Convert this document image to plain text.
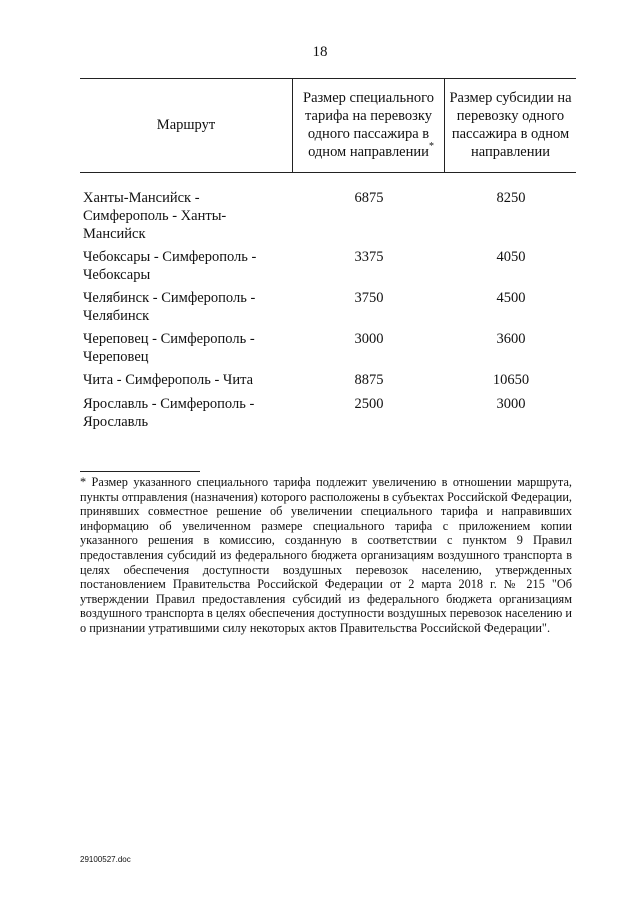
18
Маршрут
Размер специального тарифа на перевозку одного пассажира в одном направлении *
Размер субсидии на перевозку одного пассажира в одном направлении
Ханты-Мансийск - Симферополь - Ханты-Мансийск
6875	8250
Чебоксары - Симферополь - Чебоксары
3375	4050
Челябинск - Симферополь - Челябинск
3750	4500
Череповец - Симферополь - Череповец
3000	3600
Чита - Симферополь - Чита	8875	10650
Ярославль - Симферополь - Ярославль
2500	3000
* Размер указанного специального тарифа подлежит увеличению в отношении маршрута, пункты отправления (назначения) которого расположены в субъектах Российской Федерации, принявших совместное решение об увеличении специального тарифа и направивших информацию об увеличенном размере специального тарифа с приложением копии указанного решения в комиссию, созданную в соответствии с пунктом 9 Правил предоставления субсидий из федерального бюджета организациям воздушного транспорта в целях обеспечения доступности воздушных перевозок населению, утвержденных постановлением Правительства Российской Федерации от 2 марта 2018 г. № 215 "Об утверждении Правил предоставления субсидий из федерального бюджета организациям воздушного транспорта в целях обеспечения доступности воздушных перевозок населению и о признании утратившими силу некоторых актов Правительства Российской Федерации".
29100527.doc
